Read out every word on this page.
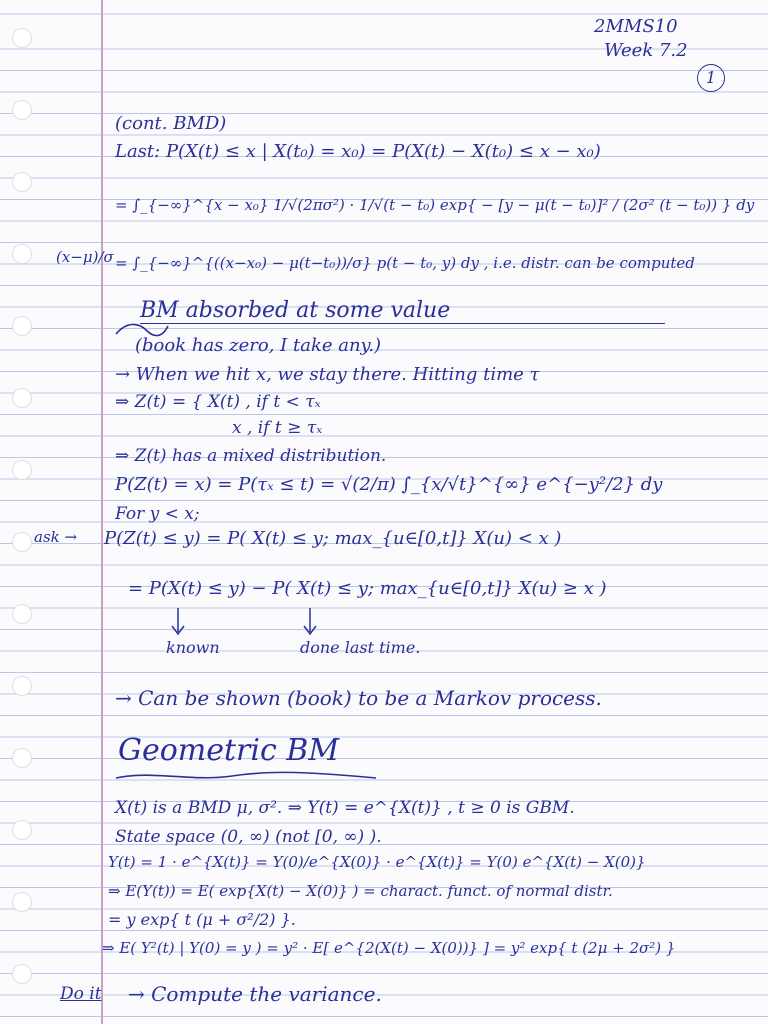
2MMS10
Week 7.2
1
(cont. BMD)
Last: P(X(t) ≤ x | X(t₀) = x₀) = P(X(t) − X(t₀) ≤ x − x₀)
= ∫_{−∞}^{x − x₀} 1/√(2πσ²) · 1/√(t − t₀) exp{ − [y − μ(t − t₀)]² / (2σ² (t − t₀)) } dy
(x−μ)/σ = ∫_{−∞}^{((x−x₀) − μ(t−t₀))/σ} p(t − t₀, y) dy , i.e. distr. can be computed
BM absorbed at some value
(book has zero, I take any.)
→ When we hit x, we stay there. Hitting time τ
⇒ Z(t) = { X(t) , if t < τₓ
x , if t ≥ τₓ
⇒ Z(t) has a mixed distribution.
P(Z(t) = x) = P(τₓ ≤ t) = √(2/π) ∫_{x/√t}^{∞} e^{−y²/2} dy
For y < x;
ask → P(Z(t) ≤ y) = P( X(t) ≤ y; max_{u∈[0,t]} X(u) < x )
= P(X(t) ≤ y) − P( X(t) ≤ y; max_{u∈[0,t]} X(u) ≥ x )
known	done last time.
→ Can be shown (book) to be a Markov process.
Geometric BM
X(t) is a BMD μ, σ². ⇒ Y(t) = e^{X(t)} , t ≥ 0 is GBM.
State space (0, ∞) (not [0, ∞) ).
Y(t) = 1 · e^{X(t)} = Y(0)/e^{X(0)} · e^{X(t)} = Y(0) e^{X(t) − X(0)}
⇒ E(Y(t)) = E( exp{X(t) − X(0)} ) = charact. funct. of normal distr.
= y exp{ t (μ + σ²/2) }.
⇒ E( Y²(t) | Y(0) = y ) = y² · E[ e^{2(X(t) − X(0))} ] = y² exp{ t (2μ + 2σ²) }
Do it → Compute the variance.
